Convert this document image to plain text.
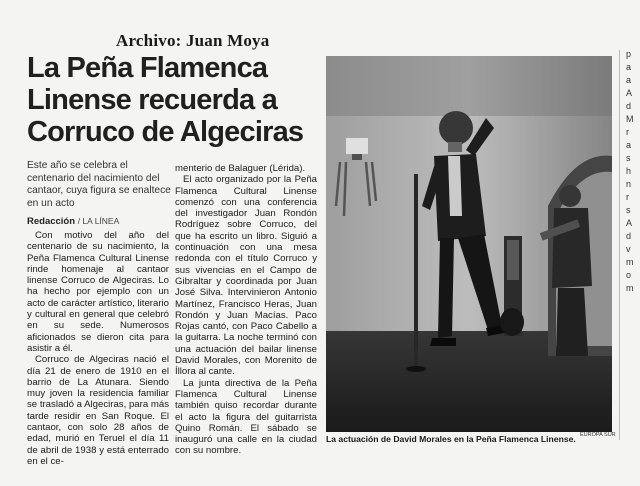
Archivo: Juan Moya
La Peña Flamenca
Linense recuerda a
Corruco de Algeciras
Este año se celebra el centenario del nacimiento del cantaor, cuya figura se enaltece en un acto
Redacción / LA LÍNEA

Con motivo del año del centenario de su nacimiento, la Peña Flamenca Cultural Linense rinde homenaje al cantaor linense Corruco de Algeciras. Lo ha hecho por ejemplo con un acto de carácter artístico, literario y cultural en general que celebró en su sede. Numerosos aficionados se dieron cita para asistir a él.

Corruco de Algeciras nació el día 21 de enero de 1910 en el barrio de La Atunara. Siendo muy joven la residencia familiar se trasladó a Algeciras, para más tarde residir en San Roque. El cantaor, con solo 28 años de edad, murió en Teruel el día 11 de abril de 1938 y está enterrado en el ce-

menterio de Balaguer (Lérida).

El acto organizado por la Peña Flamenca Cultural Linense comenzó con una conferencia del investigador Juan Rondón Rodríguez sobre Corruco, del que ha escrito un libro. Siguió a continuación con una mesa redonda con el título Corruco y sus vivencias en el Campo de Gibraltar y coordinada por Juan José Silva. Intervinieron Antonio Martínez, Francisco Heras, Juan Rondón y Juan Macías. Paco Rojas cantó, con Paco Cabello a la guitarra. La noche terminó con una actuación del bailar linense David Morales, con Morenito de Íllora al cante.

La junta directiva de la Peña Flamenca Cultural Linense también quiso recordar durante el acto la figura del guitarrista Quino Román. El sábado se inauguró una calle en la ciudad con su nombre.

EUROPA SUR
La actuación de David Morales en la Peña Flamenca Linense.
p
a
a
A
d
M
r
a
s
h
n
r
s
A
d
v
m
o
m
